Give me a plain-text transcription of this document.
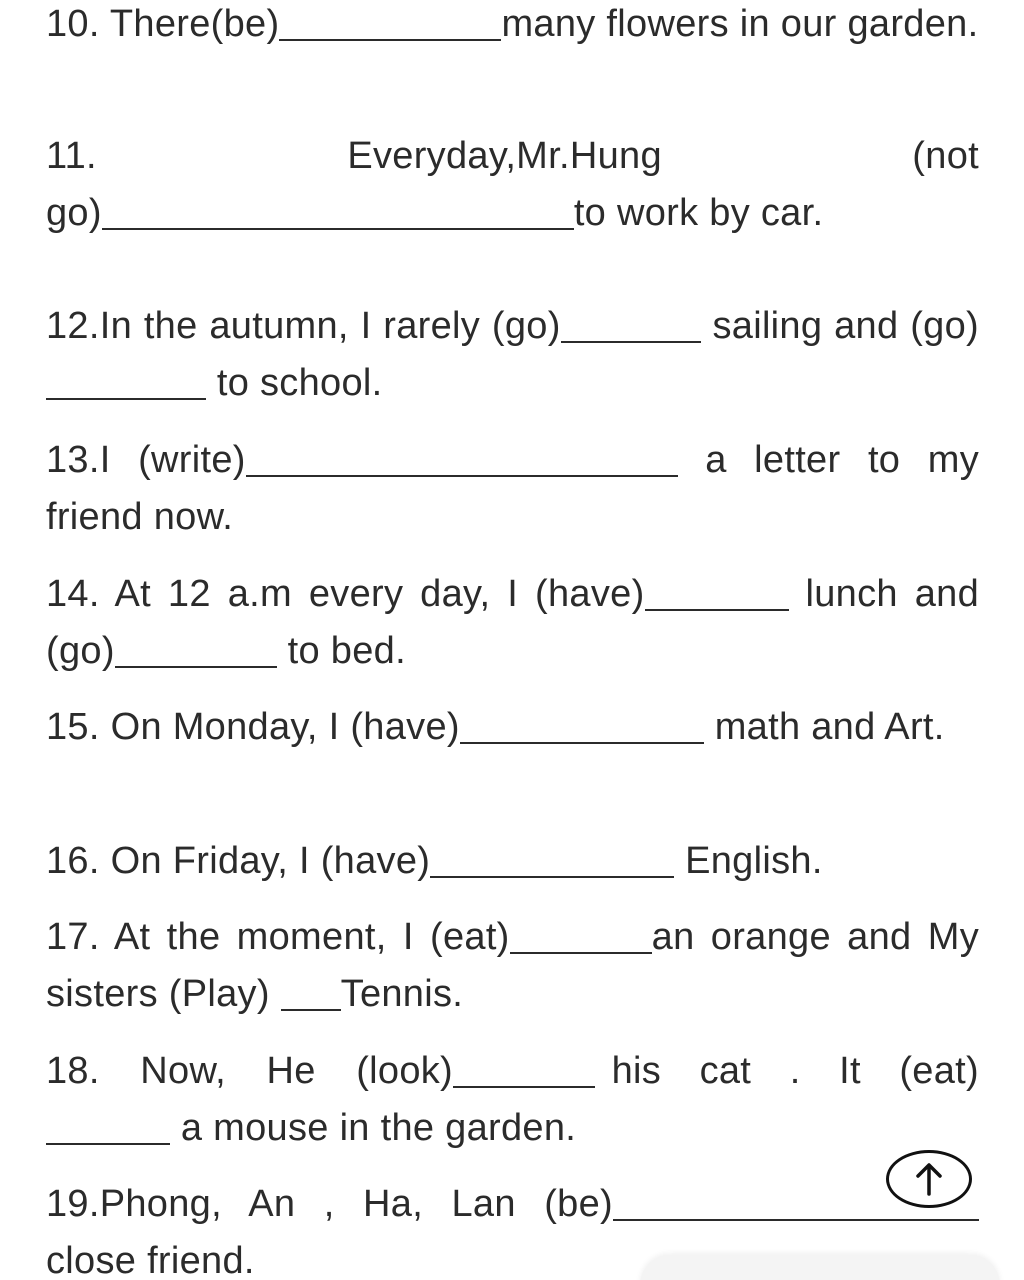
10. There(be)	many flowers in our garden.

11. Everyday,Mr.Hung (not go)	to work by car.

12.In the autumn, I rarely (go)	sailing and (go) to school.

13.I (write)	a letter to my friend now.

14. At 12 a.m every day, I (have)	lunch and (go)	to bed.

15. On Monday, I (have)	math and Art.

16. On Friday, I (have)	English.

17. At the moment, I (eat)	an orange and My sisters (Play) Tennis.

18. Now, He (look)	his cat . It (eat) a mouse in the garden.

19.Phong, An , Ha, Lan (be) close friend.
